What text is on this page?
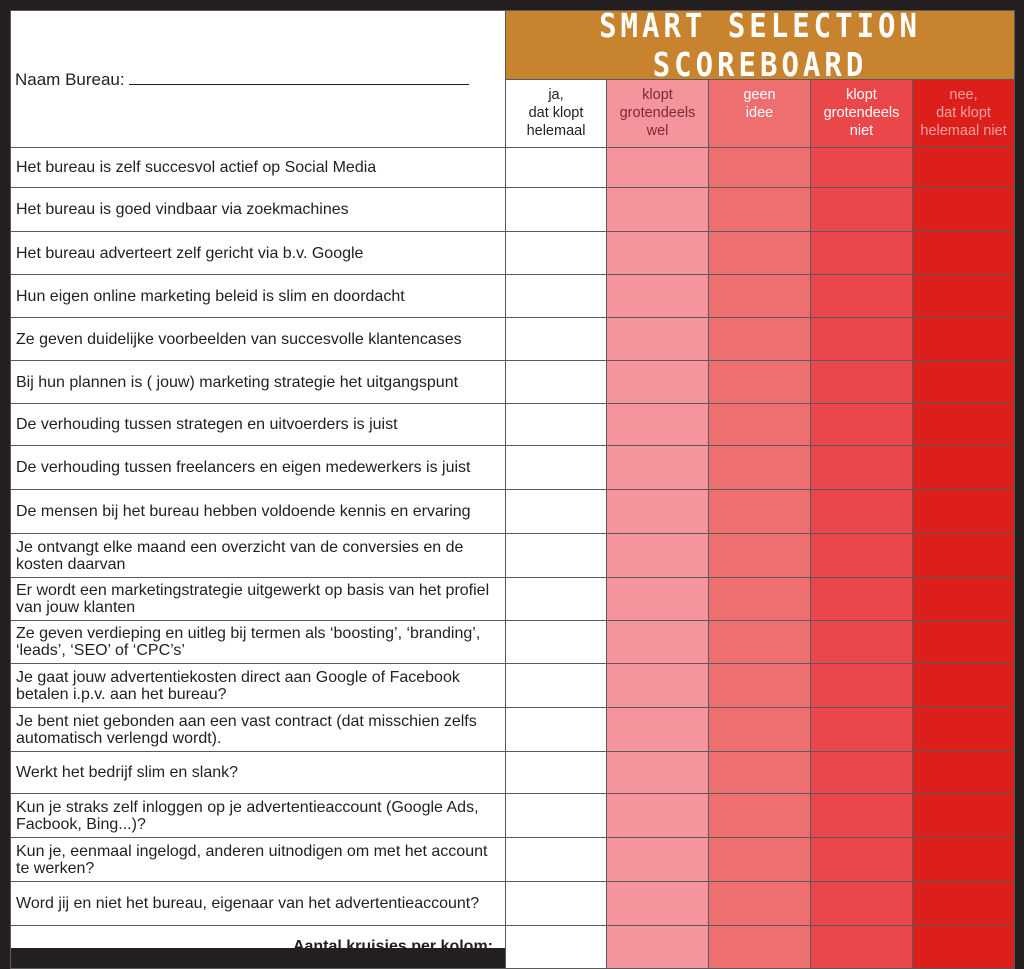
Naam Bureau:	SMART SELECTION SCOREBOARD				
	ja,
dat klopt
helemaal	klopt
grotendeels
wel	geen
idee	klopt
grotendeels
niet	nee,
dat klopt
helemaal niet
Het bureau is zelf succesvol actief op Social Media					
Het bureau is goed vindbaar via zoekmachines					
Het bureau adverteert zelf gericht via b.v. Google					
Hun eigen online marketing beleid is slim en doordacht					
Ze geven duidelijke voorbeelden van succesvolle klantencases					
Bij hun plannen is ( jouw) marketing strategie het uitgangspunt					
De verhouding tussen strategen en uitvoerders is juist					
De verhouding tussen freelancers en eigen medewerkers is juist					
De mensen bij het bureau hebben voldoende kennis en ervaring					
Je ontvangt elke maand een overzicht van de conversies en de kosten daarvan					
Er wordt een marketingstrategie uitgewerkt op basis van het profiel van jouw klanten					
Ze geven verdieping en uitleg bij termen als ‘boosting’, ‘branding’, ‘leads’, ‘SEO’ of ‘CPC’s’					
Je gaat jouw advertentiekosten direct aan Google of Facebook betalen i.p.v. aan het bureau?					
Je bent niet gebonden aan een vast contract (dat misschien zelfs automatisch verlengd wordt).					
Werkt het bedrijf slim en slank?					
Kun je straks zelf inloggen op je advertentieaccount (Google Ads, Facbook, Bing...)?					
Kun je, eenmaal ingelogd, anderen uitnodigen om met het account te werken?					
Word jij en niet het bureau, eigenaar van het advertentieaccount?					
Aantal kruisjes per kolom:					
